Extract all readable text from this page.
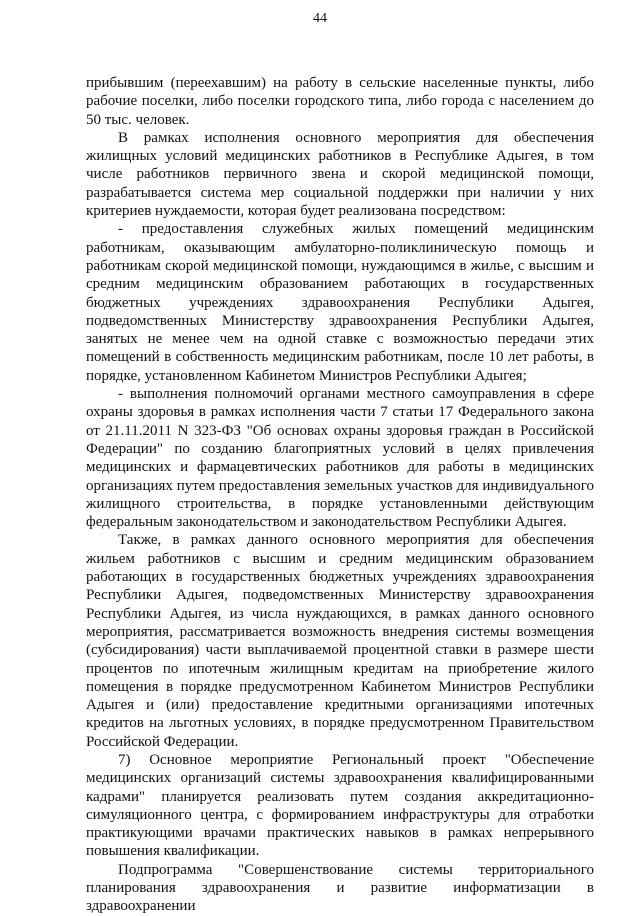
44

прибывшим (переехавшим) на работу в сельские населенные пункты, либо рабочие поселки, либо поселки городского типа, либо города с населением до 50 тыс. человек.

В рамках исполнения основного мероприятия для обеспечения жилищных условий медицинских работников в Республике Адыгея, в том числе работников первичного звена и скорой медицинской помощи, разрабатывается система мер социальной поддержки при наличии у них критериев нуждаемости, которая будет реализована посредством:

- предоставления служебных жилых помещений медицинским работникам, оказывающим амбулаторно-поликлиническую помощь и работникам скорой медицинской помощи, нуждающимся в жилье, с высшим и средним медицинским образованием работающих в государственных бюджетных учреждениях здравоохранения Республики Адыгея, подведомственных Министерству здравоохранения Республики Адыгея, занятых не менее чем на одной ставке с возможностью передачи этих помещений в собственность медицинским работникам, после 10 лет работы, в порядке, установленном Кабинетом Министров Республики Адыгея;

- выполнения полномочий органами местного самоуправления в сфере охраны здоровья в рамках исполнения части 7 статьи 17 Федерального закона от 21.11.2011 N 323-ФЗ "Об основах охраны здоровья граждан в Российской Федерации" по созданию благоприятных условий в целях привлечения медицинских и фармацевтических работников для работы в медицинских организациях путем предоставления земельных участков для индивидуального жилищного строительства, в порядке установленными действующим федеральным законодательством и законодательством Республики Адыгея.

Также, в рамках данного основного мероприятия для обеспечения жильем работников с высшим и средним медицинским образованием работающих в государственных бюджетных учреждениях здравоохранения Республики Адыгея, подведомственных Министерству здравоохранения Республики Адыгея, из числа нуждающихся, в рамках данного основного мероприятия, рассматривается возможность внедрения системы возмещения (субсидирования) части выплачиваемой процентной ставки в размере шести процентов по ипотечным жилищным кредитам на приобретение жилого помещения в порядке предусмотренном Кабинетом Министров Республики Адыгея и (или) предоставление кредитными организациями ипотечных кредитов на льготных условиях, в порядке предусмотренном Правительством Российской Федерации.

7) Основное мероприятие Региональный проект "Обеспечение медицинских организаций системы здравоохранения квалифицированными кадрами" планируется реализовать путем создания аккредитационно-симуляционного центра, с формированием инфраструктуры для отработки практикующими врачами практических навыков в рамках непрерывного повышения квалификации.

Подпрограмма "Совершенствование системы территориального планирования здравоохранения и развитие информатизации в здравоохранении
